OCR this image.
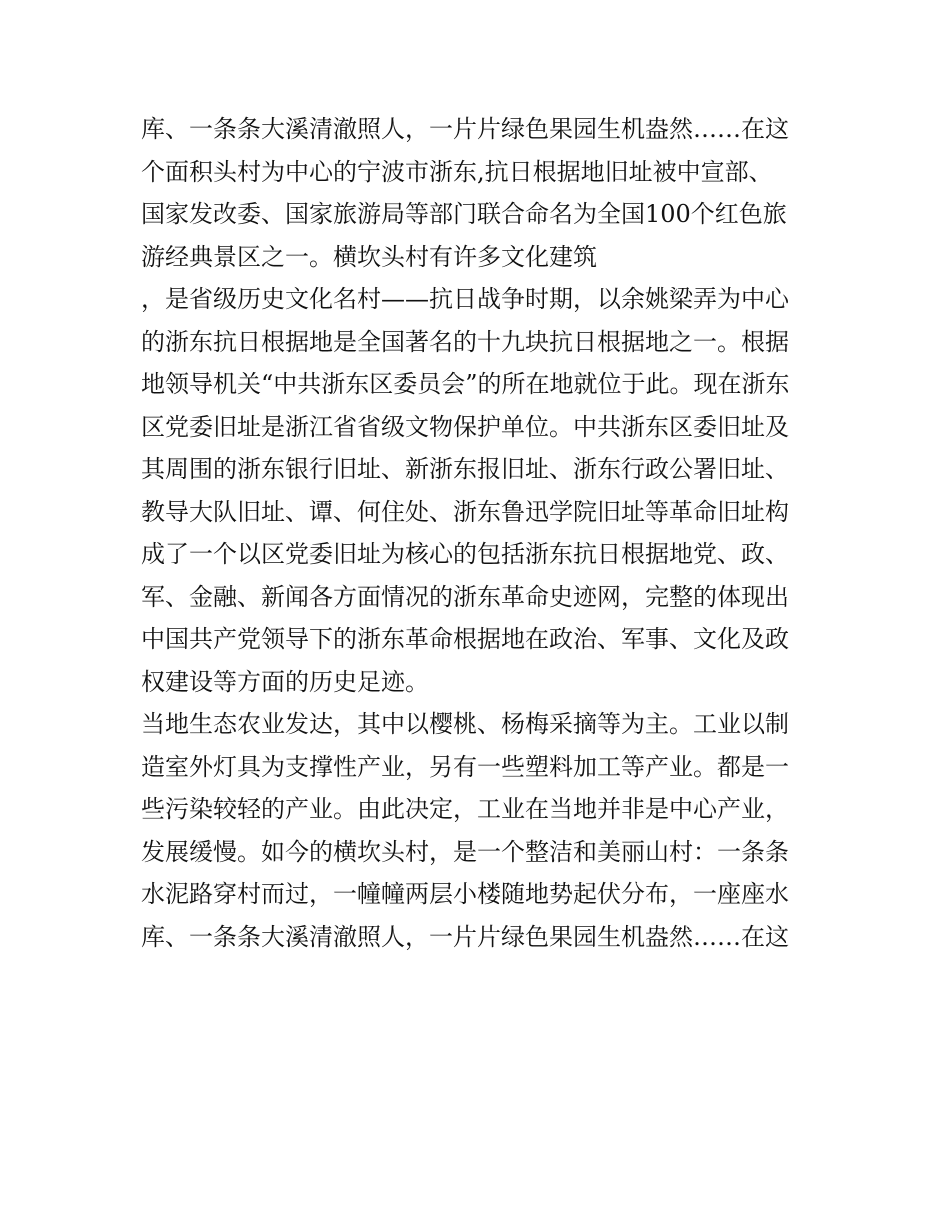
库、一条条大溪清澈照人，一片片绿色果园生机盎然……在这
个面积头村为中心的宁波市浙东,抗日根据地旧址被中宣部、
国家发改委、国家旅游局等部门联合命名为全国100个红色旅
游经典景区之一。横坎头村有许多文化建筑
，是省级历史文化名村——抗日战争时期，以余姚梁弄为中心
的浙东抗日根据地是全国著名的十九块抗日根据地之一。根据
地领导机关“中共浙东区委员会”的所在地就位于此。现在浙东
区党委旧址是浙江省省级文物保护单位。中共浙东区委旧址及
其周围的浙东银行旧址、新浙东报旧址、浙东行政公署旧址、
教导大队旧址、谭、何住处、浙东鲁迅学院旧址等革命旧址构
成了一个以区党委旧址为核心的包括浙东抗日根据地党、政、
军、金融、新闻各方面情况的浙东革命史迹网，完整的体现出
中国共产党领导下的浙东革命根据地在政治、军事、文化及政
权建设等方面的历史足迹。
当地生态农业发达，其中以樱桃、杨梅采摘等为主。工业以制
造室外灯具为支撑性产业，另有一些塑料加工等产业。都是一
些污染较轻的产业。由此决定，工业在当地并非是中心产业，
发展缓慢。如今的横坎头村，是一个整洁和美丽山村：一条条
水泥路穿村而过，一幢幢两层小楼随地势起伏分布，一座座水
库、一条条大溪清澈照人，一片片绿色果园生机盎然……在这
